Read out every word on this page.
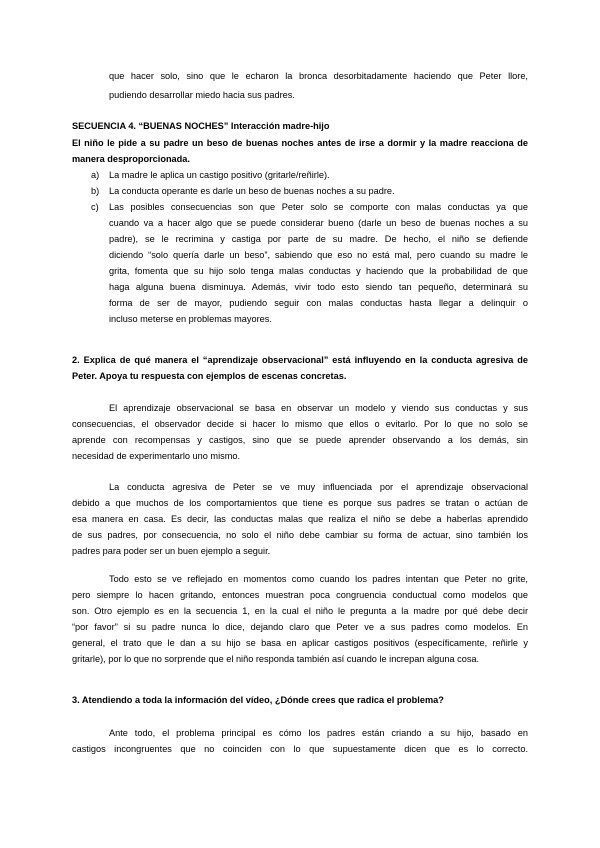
que hacer solo, sino que le echaron la bronca desorbitadamente haciendo que Peter llore,
pudiendo desarrollar miedo hacia sus padres.
SECUENCIA 4. “BUENAS NOCHES” Interacción madre-hijo
El niño le pide a su padre un beso de buenas noches antes de irse a dormir y la madre reacciona de
manera desproporcionada.
a) La madre le aplica un castigo positivo (gritarle/reñirle).
b) La conducta operante es darle un beso de buenas noches a su padre.
c) Las posibles consecuencias son que Peter solo se comporte con malas conductas ya que
cuando va a hacer algo que se puede considerar bueno (darle un beso de buenas noches a su
padre), se le recrimina y castiga por parte de su madre. De hecho, el niño se defiende
diciendo “solo quería darle un beso”, sabiendo que eso no está mal, pero cuando su madre le
grita, fomenta que su hijo solo tenga malas conductas y haciendo que la probabilidad de que
haga alguna buena disminuya. Además, vivir todo esto siendo tan pequeño, determinará su
forma de ser de mayor, pudiendo seguir con malas conductas hasta llegar a delinquir o
incluso meterse en problemas mayores.
2. Explica de qué manera el “aprendizaje observacional” está influyendo en la conducta agresiva de
Peter. Apoya tu respuesta con ejemplos de escenas concretas.
El aprendizaje observacional se basa en observar un modelo y viendo sus conductas y sus
consecuencias, el observador decide si hacer lo mismo que ellos o evitarlo. Por lo que no solo se
aprende con recompensas y castigos, sino que se puede aprender observando a los demás, sin
necesidad de experimentarlo uno mismo.
La conducta agresiva de Peter se ve muy influenciada por el aprendizaje observacional
debido a que muchos de los comportamientos que tiene es porque sus padres se tratan o actúan de
esa manera en casa. Es decir, las conductas malas que realiza el niño se debe a haberlas aprendido
de sus padres, por consecuencia, no solo el niño debe cambiar su forma de actuar, sino también los
padres para poder ser un buen ejemplo a seguir.
Todo esto se ve reflejado en momentos como cuando los padres intentan que Peter no grite,
pero siempre lo hacen gritando, entonces muestran poca congruencia conductual como modelos que
son. Otro ejemplo es en la secuencia 1, en la cual el niño le pregunta a la madre por qué debe decir
“por favor” si su padre nunca lo dice, dejando claro que Peter ve a sus padres como modelos. En
general, el trato que le dan a su hijo se basa en aplicar castigos positivos (específicamente, reñirle y
gritarle), por lo que no sorprende que el niño responda también así cuando le increpan alguna cosa.
3. Atendiendo a toda la información del vídeo, ¿Dónde crees que radica el problema?
Ante todo, el problema principal es cómo los padres están criando a su hijo, basado en
castigos incongruentes que no coinciden con lo que supuestamente dicen que es lo correcto.
